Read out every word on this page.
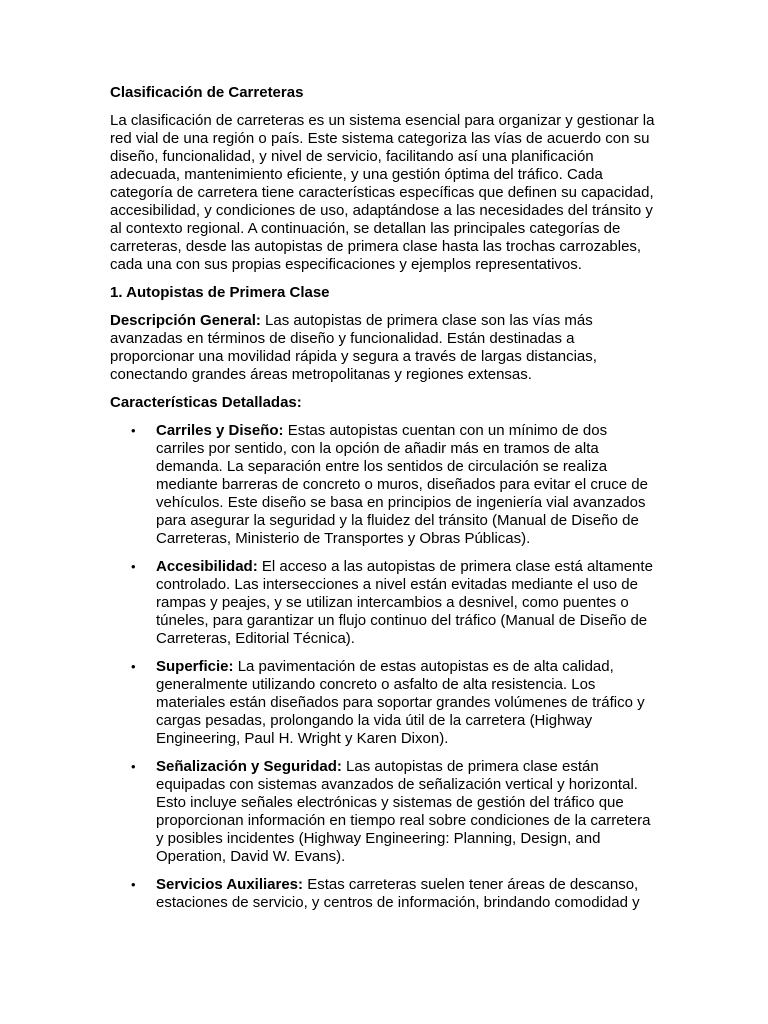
Clasificación de Carreteras

La clasificación de carreteras es un sistema esencial para organizar y gestionar la red vial de una región o país. Este sistema categoriza las vías de acuerdo con su diseño, funcionalidad, y nivel de servicio, facilitando así una planificación adecuada, mantenimiento eficiente, y una gestión óptima del tráfico. Cada categoría de carretera tiene características específicas que definen su capacidad, accesibilidad, y condiciones de uso, adaptándose a las necesidades del tránsito y al contexto regional. A continuación, se detallan las principales categorías de carreteras, desde las autopistas de primera clase hasta las trochas carrozables, cada una con sus propias especificaciones y ejemplos representativos.

1. Autopistas de Primera Clase

Descripción General: Las autopistas de primera clase son las vías más avanzadas en términos de diseño y funcionalidad. Están destinadas a proporcionar una movilidad rápida y segura a través de largas distancias, conectando grandes áreas metropolitanas y regiones extensas.

Características Detalladas:
• Carriles y Diseño: Estas autopistas cuentan con un mínimo de dos carriles por sentido, con la opción de añadir más en tramos de alta demanda. La separación entre los sentidos de circulación se realiza mediante barreras de concreto o muros, diseñados para evitar el cruce de vehículos. Este diseño se basa en principios de ingeniería vial avanzados para asegurar la seguridad y la fluidez del tránsito (Manual de Diseño de Carreteras, Ministerio de Transportes y Obras Públicas).
• Accesibilidad: El acceso a las autopistas de primera clase está altamente controlado. Las intersecciones a nivel están evitadas mediante el uso de rampas y peajes, y se utilizan intercambios a desnivel, como puentes o túneles, para garantizar un flujo continuo del tráfico (Manual de Diseño de Carreteras, Editorial Técnica).
• Superficie: La pavimentación de estas autopistas es de alta calidad, generalmente utilizando concreto o asfalto de alta resistencia. Los materiales están diseñados para soportar grandes volúmenes de tráfico y cargas pesadas, prolongando la vida útil de la carretera (Highway Engineering, Paul H. Wright y Karen Dixon).
• Señalización y Seguridad: Las autopistas de primera clase están equipadas con sistemas avanzados de señalización vertical y horizontal. Esto incluye señales electrónicas y sistemas de gestión del tráfico que proporcionan información en tiempo real sobre condiciones de la carretera y posibles incidentes (Highway Engineering: Planning, Design, and Operation, David W. Evans).
• Servicios Auxiliares: Estas carreteras suelen tener áreas de descanso, estaciones de servicio, y centros de información, brindando comodidad y
